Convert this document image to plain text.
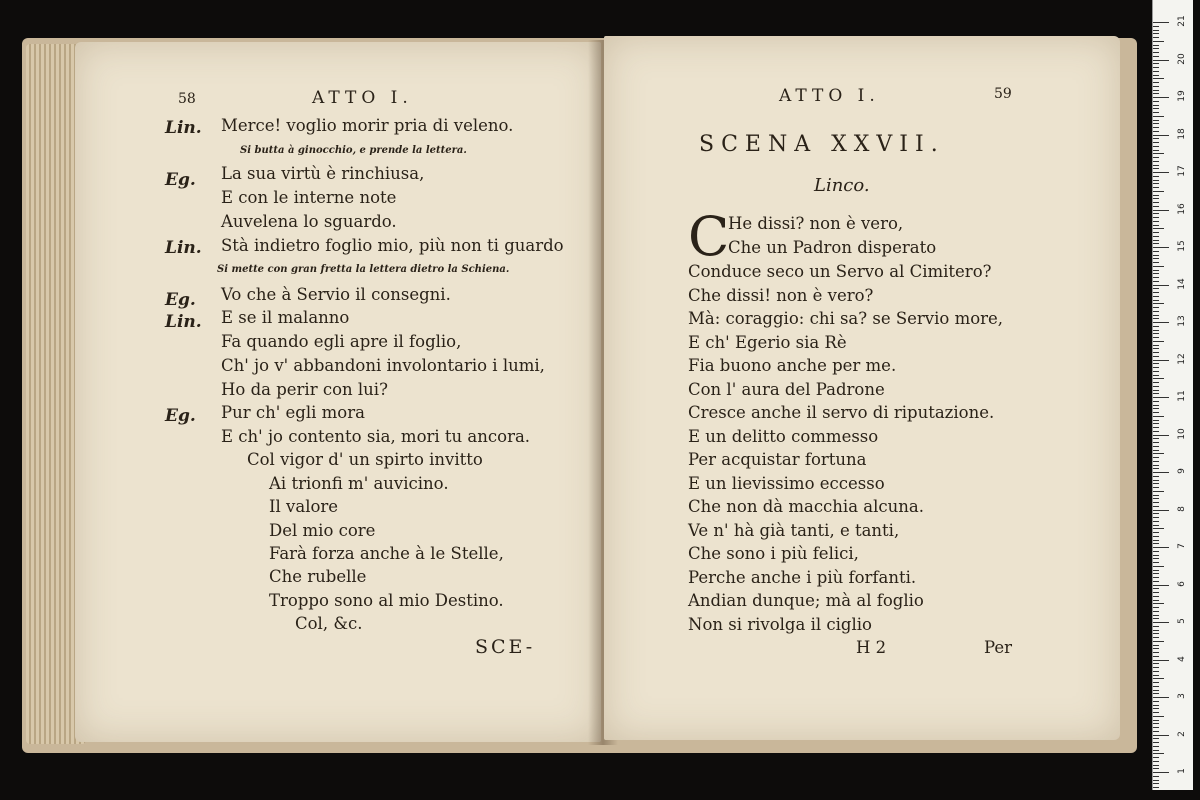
58	ATTO I.
Lin. Merce! voglio morir pria di veleno.
Si butta à ginocchio, e prende la lettera.
Eg. La sua virtù è rinchiusa,
E con le interne note
Auvelena lo sguardo.
Lin. Stà indietro foglio mio, più non ti guardo
Si mette con gran fretta la lettera dietro la Schiena.
Eg. Vo che à Servio il consegni.
Lin. E se il malanno
Fa quando egli apre il foglio,
Ch' jo v' abbandoni involontario i lumi,
Ho da perir con lui?
Eg. Pur ch' egli mora
E ch' jo contento sia, mori tu ancora.
Col vigor d' un spirto invitto
Ai trionfi m' auvicino.
Il valore
Del mio core
Farà forza anche à le Stelle,
Che rubelle
Troppo sono al mio Destino.
Col, &c.
SCE-
ATTO I.	59
SCENA XXVII.
Linco.
C
He dissi? non è vero,
Che un Padron disperato
Conduce seco un Servo al Cimitero?
Che dissi! non è vero?
Mà: coraggio: chi sa? se Servio more,
E ch' Egerio sia Rè
Fia buono anche per me.
Con l' aura del Padrone
Cresce anche il servo di riputazione.
E un delitto commesso
Per acquistar fortuna
E un lievissimo eccesso
Che non dà macchia alcuna.
Ve n' hà già tanti, e tanti,
Che sono i più felici,
Perche anche i più forfanti.
Andian dunque; mà al foglio
Non si rivolga il ciglio
H 2	Per
21
20
19
18
17
16
15
14
13
12
11
10
9
8
7
6
5
4
3
2
1
